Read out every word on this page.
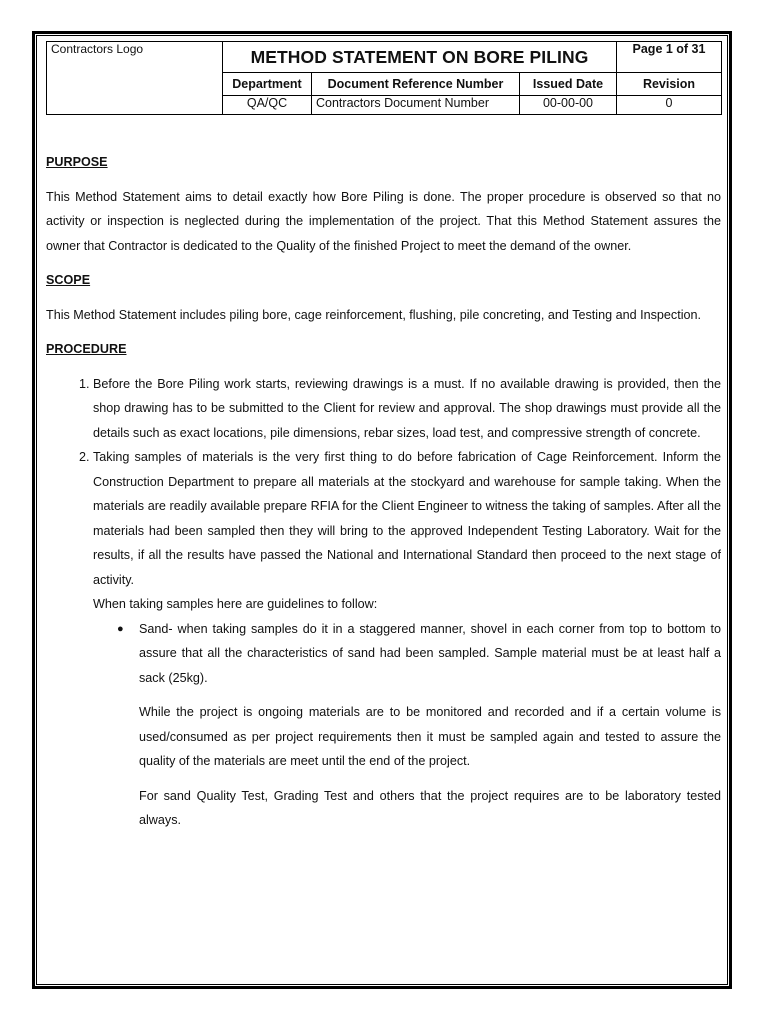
Contractors Logo	METHOD STATEMENT ON BORE PILING			Page 1 of 31
	Department	Document Reference Number	Issued Date	Revision
	QA/QC	Contractors Document Number	00-00-00	0
PURPOSE
This Method Statement aims to detail exactly how Bore Piling is done. The proper procedure is observed so that no activity or inspection is neglected during the implementation of the project. That this Method Statement assures the owner that Contractor is dedicated to the Quality of the finished Project to meet the demand of the owner.
SCOPE
This Method Statement includes piling bore, cage reinforcement, flushing, pile concreting, and Testing and Inspection.
PROCEDURE
1. Before the Bore Piling work starts, reviewing drawings is a must. If no available drawing is provided, then the shop drawing has to be submitted to the Client for review and approval. The shop drawings must provide all the details such as exact locations, pile dimensions, rebar sizes, load test, and compressive strength of concrete.
2. Taking samples of materials is the very first thing to do before fabrication of Cage Reinforcement. Inform the Construction Department to prepare all materials at the stockyard and warehouse for sample taking. When the materials are readily available prepare RFIA for the Client Engineer to witness the taking of samples. After all the materials had been sampled then they will bring to the approved Independent Testing Laboratory. Wait for the results, if all the results have passed the National and International Standard then proceed to the next stage of activity.
When taking samples here are guidelines to follow:
● Sand- when taking samples do it in a staggered manner, shovel in each corner from top to bottom to assure that all the characteristics of sand had been sampled. Sample material must be at least half a sack (25kg).
While the project is ongoing materials are to be monitored and recorded and if a certain volume is used/consumed as per project requirements then it must be sampled again and tested to assure the quality of the materials are meet until the end of the project.
For sand Quality Test, Grading Test and others that the project requires are to be laboratory tested always.
